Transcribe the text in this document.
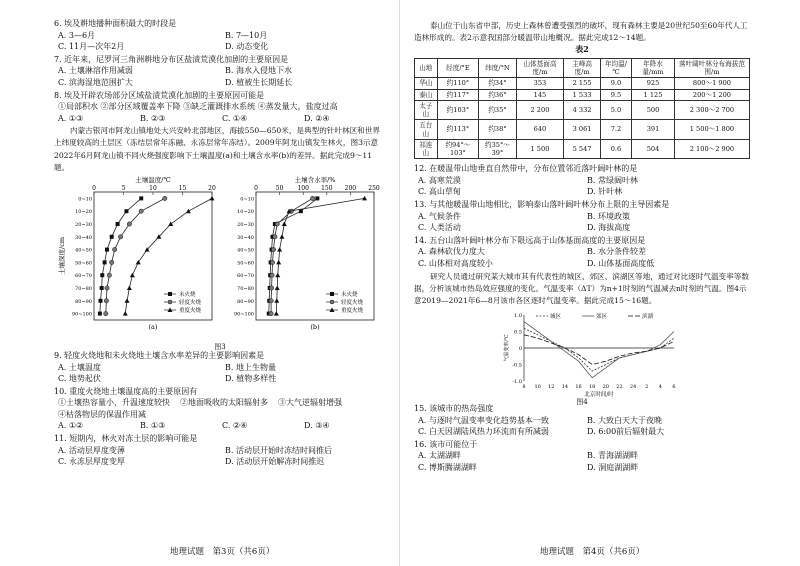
6. 埃及耕地播种面积最大的时段是
A. 3—6月	B. 7—10月
C. 11月—次年2月	D. 动态变化
7. 近年来，尼罗河三角洲耕地分布区盐渍荒漠化加剧的主要原因是
A. 土壤淋溶作用减弱	B. 海水入侵地下水
C. 滨海湿地范围扩大	D. 植被生长期延长
8. 埃及开辟农场部分区域盐渍荒漠化加剧的主要原因可能是
①局部积水 ②部分区域覆盖率下降 ③缺乏灌溉排水系统 ④蒸发量大，盐度过高
A. ①③	B. ②③	C. ①④	D. ②④
内蒙古银河市阿龙山镇地处大兴安岭北部地区，海拔550—650米，是典型的针叶林区和世界上纬度较高的土层区（冻结层常年冻融、永冻层常年冻结）。2009年阿龙山镇发生林火，图3示意2022年6月阿龙山镇不同火烧强度影响下土壤温度(a)和土壤含水率(b)的差异。据此完成9～11题。
土壤温度/℃
0	5	10	15	20
0~10
10~20
20~30
30~40
40~50
50~60
60~70
70~80
80~90
90~100
未火烧
轻度火烧
重度火烧
(a)
土壤深度/cm
土壤含水率/%
0	50 100 150 200 250
0~10
10~20
20~30
30~40
40~50
50~60
60~70
70~80
80~90
90~100
未火烧
轻度火烧
重度火烧
(b)
图3
9. 轻度火烧地和未火烧地土壤含水率差异的主要影响因素是
A. 土壤温度	B. 地上生物量
C. 地势起伏	D. 植物多样性
10. 重度火烧地土壤温度高的主要原因有
①土壤热容量小，升温速度较快 ②地面吸收的太阳辐射多 ③大气逆辐射增强
④枯落物层的保温作用减
A. ①②	B. ①③	C. ②④	D. ③④
11. 短期内，林火对冻土层的影响可能是
A. 活动层厚度变薄	B. 活动层开始时冻结时间推后
C. 永冻层厚度变厚	D. 活动层开始解冻时间推迟
地理试题　第3页（共6页）
泰山位于山东省中部，历史上森林曾遭受强烈的破坏，现有森林主要是20世纪50至60年代人工造林形成的。表2示意我国部分暖温带山地概况。据此完成12～14题。
表2
山地	经度/°E	纬度/°N	山体基面高度/m	主峰高度/m	年均温/℃	年降水量/mm	落叶阔叶林分布海拔范围/m
华山	约110°	约34°	353	2 155	9.0	925	800～1 900
泰山	约117°	约36°	145	1 533	9.5	1 125	200～1 200
太子山	约103°	约35°	2 200	4 332	5.0	500	2 300～2 700
五台山	约113°	约38°	640	3 061	7.2	391	1 500～1 800
祁连山	约94°～103°	约35°～39°	1 500	5 547	0.6	504	2 100～2 900
12. 在暖温带山地垂直自然带中，分布位置邻近落叶阔叶林的是
A. 高寒荒漠	B. 常绿阔叶林
C. 高山草甸	D. 针叶林
13. 与其他暖温带山地相比，影响泰山落叶阔叶林分布上限的主导因素是
A. 气候条件	B. 环境政策
C. 人类活动	D. 海拔高度
14. 五台山落叶阔叶林分布下限远高于山体基面高度的主要原因是
A. 森林砍伐力度大	B. 水分条件较差
C. 山体相对高度较小	D. 山体基面高度低
研究人员通过研究某大城市其有代表性的城区、郊区、滨湖区等地，通过对比逐时气温变率等数据，分析该城市热岛效应强度的变化。气温变率（ΔT）为n+1时刻的气温减去n时刻的气温。图4示意2019—2021年6—8月该市各区逐时气温变率。据此完成15～16题。
1.0
0.5
0
-0.5
-1.0
8 10 12 14 16 18 20 22 24 2 4 6
北京时间/时
气温变率/℃
城区	郊区	滨湖
图4
15. 该城市的热岛强度
A. 与逐时气温变率变化趋势基本一致	B. 大致白天大于夜晚
C. 白天因湖陆风热力环流而有所减弱	D. 6:00前后辐射最大
16. 该市可能位于
A. 太湖湖畔	B. 青海湖湖畔
C. 博斯腾湖湖畔	D. 洞庭湖湖畔
地理试题　第4页（共6页）
